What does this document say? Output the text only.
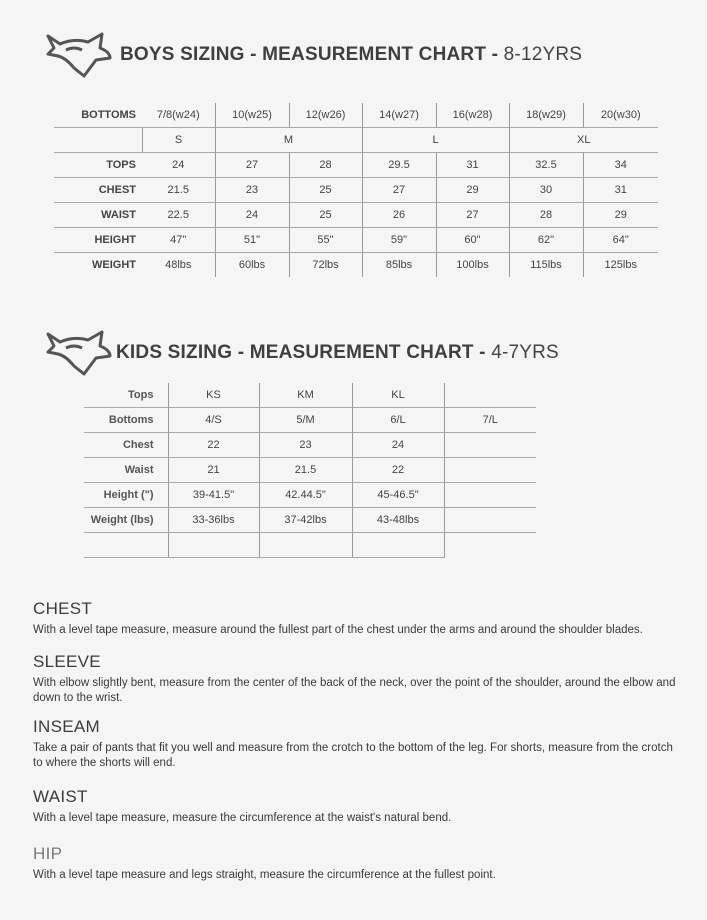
BOYS SIZING - MEASUREMENT CHART - 8-12YRS
BOTTOMS	7/8(w24)	10(w25)	12(w26)	14(w27)	16(w28)	18(w29)	20(w30)
	S	M		L		XL	
TOPS	24	27	28	29.5	31	32.5	34
CHEST	21.5	23	25	27	29	30	31
WAIST	22.5	24	25	26	27	28	29
HEIGHT	47"	51"	55"	59"	60"	62"	64"
WEIGHT	48lbs	60lbs	72lbs	85lbs	100lbs	115lbs	125lbs
KIDS SIZING - MEASUREMENT CHART - 4-7YRS
Tops	KS	KM	KL	
Bottoms	4/S	5/M	6/L	7/L
Chest	22	23	24	
Waist	21	21.5	22	
Height (")	39-41.5"	42.44.5"	45-46.5"	
Weight (lbs)	33-36lbs	37-42lbs	43-48lbs	

CHEST

With a level tape measure, measure around the fullest part of the chest under the arms and around the shoulder blades.

SLEEVE

With elbow slightly bent, measure from the center of the back of the neck, over the point of the shoulder, around the elbow and down to the wrist.

INSEAM

Take a pair of pants that fit you well and measure from the crotch to the bottom of the leg. For shorts, measure from the crotch to where the shorts will end.

WAIST

With a level tape measure, measure the circumference at the waist's natural bend.

HIP

With a level tape measure and legs straight, measure the circumference at the fullest point.
